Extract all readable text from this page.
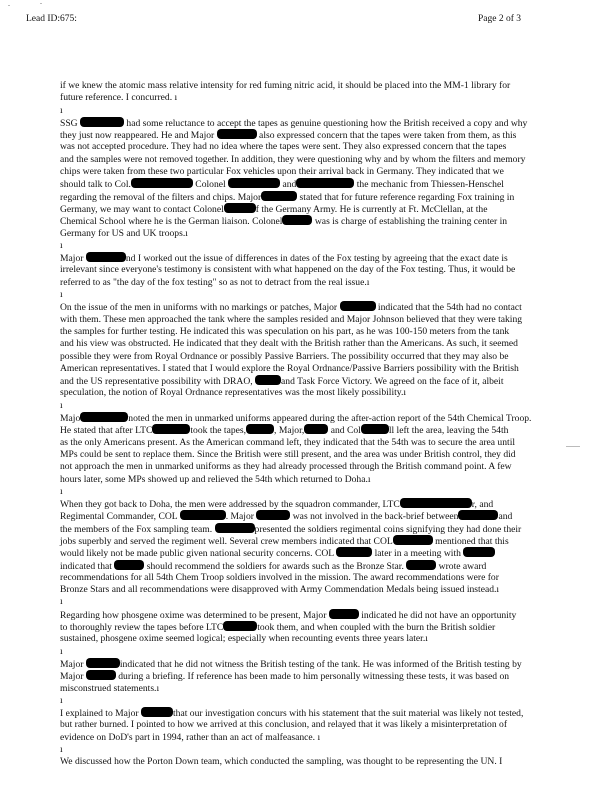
Lead ID:675:	Page 2 of 3
if we knew the atomic mass relative intensity for red fuming nitric acid, it should be placed into the MM-1 library for
future reference. I concurred. ı
ı
SSG	had some reluctance to accept the tapes as genuine questioning how the British received a copy and why
they just now reappeared. He and Major	also expressed concern that the tapes were taken from them, as this
was not accepted procedure. They had no idea where the tapes were sent. They also expressed concern that the tapes
and the samples were not removed together. In addition, they were questioning why and by whom the filters and memory
chips were taken from these two particular Fox vehicles upon their arrival back in Germany. They indicated that we
should talk to Col.	Colonel	and	the mechanic from Thiessen-Henschel
regarding the removal of the filters and chips. Major	stated that for future reference regarding Fox training in
Germany, we may want to contact Colonel	f the Germany Army. He is currently at Ft. McClellan, at the
Chemical School where he is the German liaison. Colonel	was is charge of establishing the training center in
Germany for US and UK troops.ı
ı
Major	nd I worked out the issue of differences in dates of the Fox testing by agreeing that the exact date is
irrelevant since everyone's testimony is consistent with what happened on the day of the Fox testing. Thus, it would be
referred to as "the day of the fox testing" so as not to detract from the real issue.ı
ı
On the issue of the men in uniforms with no markings or patches, Major	indicated that the 54th had no contact
with them. These men approached the tank where the samples resided and Major Johnson believed that they were taking
the samples for further testing. He indicated this was speculation on his part, as he was 100-150 meters from the tank
and his view was obstructed. He indicated that they dealt with the British rather than the Americans. As such, it seemed
possible they were from Royal Ordnance or possibly Passive Barriers. The possibility occurred that they may also be
American representatives. I stated that I would explore the Royal Ordnance/Passive Barriers possibility with the British
and the US representative possibility with DRAO,	and Task Force Victory. We agreed on the face of it, albeit
speculation, the notion of Royal Ordnance representatives was the most likely possibility.ı
ı
Majo	noted the men in unmarked uniforms appeared during the after-action report of the 54th Chemical Troop.
He stated that after LTC	took the tapes,	, Major,	and Col	ll left the area, leaving the 54th
as the only Americans present. As the American command left, they indicated that the 54th was to secure the area until
MPs could be sent to replace them. Since the British were still present, and the area was under British control, they did
not approach the men in unmarked uniforms as they had already processed through the British command point. A few
hours later, some MPs showed up and relieved the 54th which returned to Doha.ı
ı
When they got back to Doha, the men were addressed by the squadron commander, LTC	r, and
Regimental Commander, COL	. Major	was not involved in the back-brief between	and
the members of the Fox sampling team.	presented the soldiers regimental coins signifying they had done their
jobs superbly and served the regiment well. Several crew members indicated that COL	mentioned that this
would likely not be made public given national security concerns. COL	later in a meeting with
indicated that	should recommend the soldiers for awards such as the Bronze Star.	wrote award
recommendations for all 54th Chem Troop soldiers involved in the mission. The award recommendations were for
Bronze Stars and all recommendations were disapproved with Army Commendation Medals being issued instead.ı
ı
Regarding how phosgene oxime was determined to be present, Major	indicated he did not have an opportunity
to thoroughly review the tapes before LTC	took them, and when coupled with the burn the British soldier
sustained, phosgene oxime seemed logical; especially when recounting events three years later.ı
ı
Major	indicated that he did not witness the British testing of the tank. He was informed of the British testing by
Major	during a briefing. If reference has been made to him personally witnessing these tests, it was based on
misconstrued statements.ı
ı
I explained to Major	that our investigation concurs with his statement that the suit material was likely not tested,
but rather burned. I pointed to how we arrived at this conclusion, and relayed that it was likely a misinterpretation of
evidence on DoD's part in 1994, rather than an act of malfeasance. ı
ı
We discussed how the Porton Down team, which conducted the sampling, was thought to be representing the UN. I
